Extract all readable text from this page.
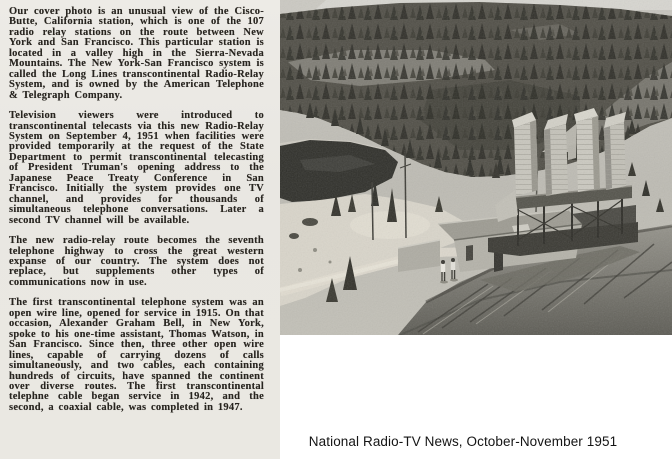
Our cover photo is an unusual view of the Cisco-Butte, California station, which is one of the 107 radio relay stations on the route between New York and San Francisco. This particular station is located in a valley high in the Sierra-Nevada Mountains. The New York-San Francisco system is called the Long Lines transcontinental Radio-Relay System, and is owned by the American Telephone & Telegraph Company.

Television viewers were introduced to transcontinental telecasts via this new Radio-Relay System on September 4, 1951 when facilities were provided temporarily at the request of the State Department to permit transcontinental telecasting of President Truman's opening address to the Japanese Peace Treaty Conference in San Francisco. Initially the system provides one TV channel, and provides for thousands of simultaneous telephone conversations. Later a second TV channel will be available.

The new radio-relay route becomes the seventh telephone highway to cross the great western expanse of our country. The system does not replace, but supplements other types of communications now in use.

The first transcontinental telephone system was an open wire line, opened for service in 1915. On that occasion, Alexander Graham Bell, in New York, spoke to his one-time assistant, Thomas Watson, in San Francisco. Since then, three other open wire lines, capable of carrying dozens of calls simultaneously, and two cables, each containing hundreds of circuits, have spanned the continent over diverse routes. The first transcontinental telephne cable began service in 1942, and the second, a coaxial cable, was completed in 1947.

National Radio-TV News, October-November 1951
